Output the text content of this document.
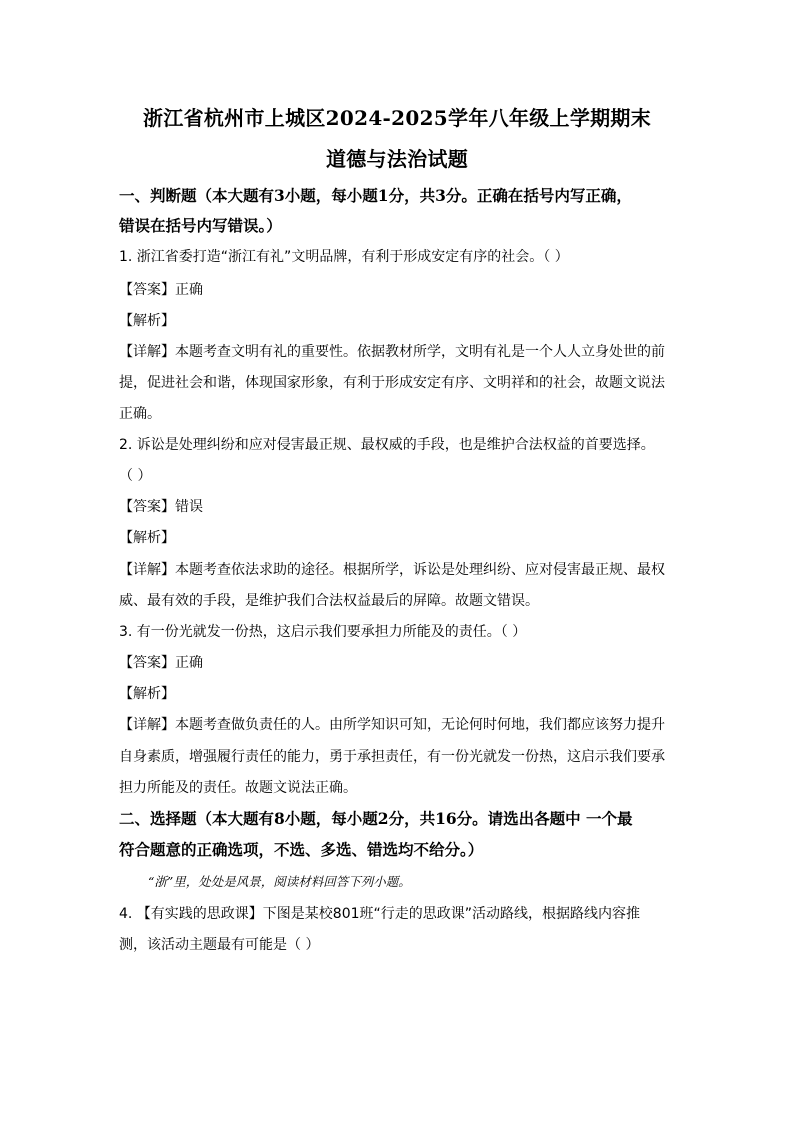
浙江省杭州市上城区2024-2025学年八年级上学期期末
道德与法治试题
一、判断题（本大题有3小题，每小题1分，共3分。正确在括号内写正确，
错误在括号内写错误。）
1. 浙江省委打造“浙江有礼”文明品牌，有利于形成安定有序的社会。（ ）
【答案】正确
【解析】
【详解】本题考查文明有礼的重要性。依据教材所学，文明有礼是一个人人立身处世的前
提，促进社会和谐，体现国家形象，有利于形成安定有序、文明祥和的社会，故题文说法
正确。
2. 诉讼是处理纠纷和应对侵害最正规、最权威的手段，也是维护合法权益的首要选择。
（ ）
【答案】错误
【解析】
【详解】本题考查依法求助的途径。根据所学，诉讼是处理纠纷、应对侵害最正规、最权
威、最有效的手段，是维护我们合法权益最后的屏障。故题文错误。
3. 有一份光就发一份热，这启示我们要承担力所能及的责任。（ ）
【答案】正确
【解析】
【详解】本题考查做负责任的人。由所学知识可知，无论何时何地，我们都应该努力提升
自身素质，增强履行责任的能力，勇于承担责任，有一份光就发一份热，这启示我们要承
担力所能及的责任。故题文说法正确。
二、选择题（本大题有8小题，每小题2分，共16分。请选出各题中 一个最
符合题意的正确选项，不选、多选、错选均不给分。）
“浙”里，处处是风景，阅读材料回答下列小题。
4. 【有实践的思政课】下图是某校801班“行走的思政课”活动路线，根据路线内容推
测，该活动主题最有可能是（ ）
